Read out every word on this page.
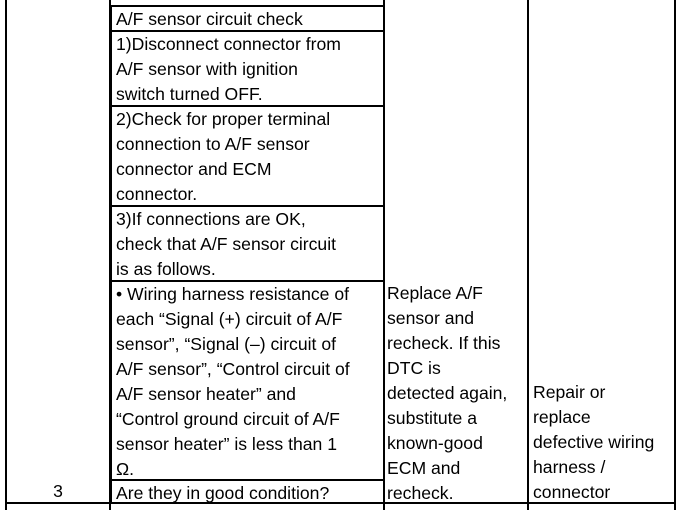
3
A/F sensor circuit check
1)Disconnect connector from
A/F sensor with ignition
switch turned OFF.
2)Check for proper terminal
connection to A/F sensor
connector and ECM
connector.
3)If connections are OK,
check that A/F sensor circuit
is as follows.
• Wiring harness resistance of
each “Signal (+) circuit of A/F
sensor”, “Signal (–) circuit of
A/F sensor”, “Control circuit of
A/F sensor heater” and
“Control ground circuit of A/F
sensor heater” is less than 1
Ω.
Are they in good condition?
Replace A/F
sensor and
recheck. If this
DTC is
detected again,
substitute a
known-good
ECM and
recheck.
Repair or
replace
defective wiring
harness /
connector
